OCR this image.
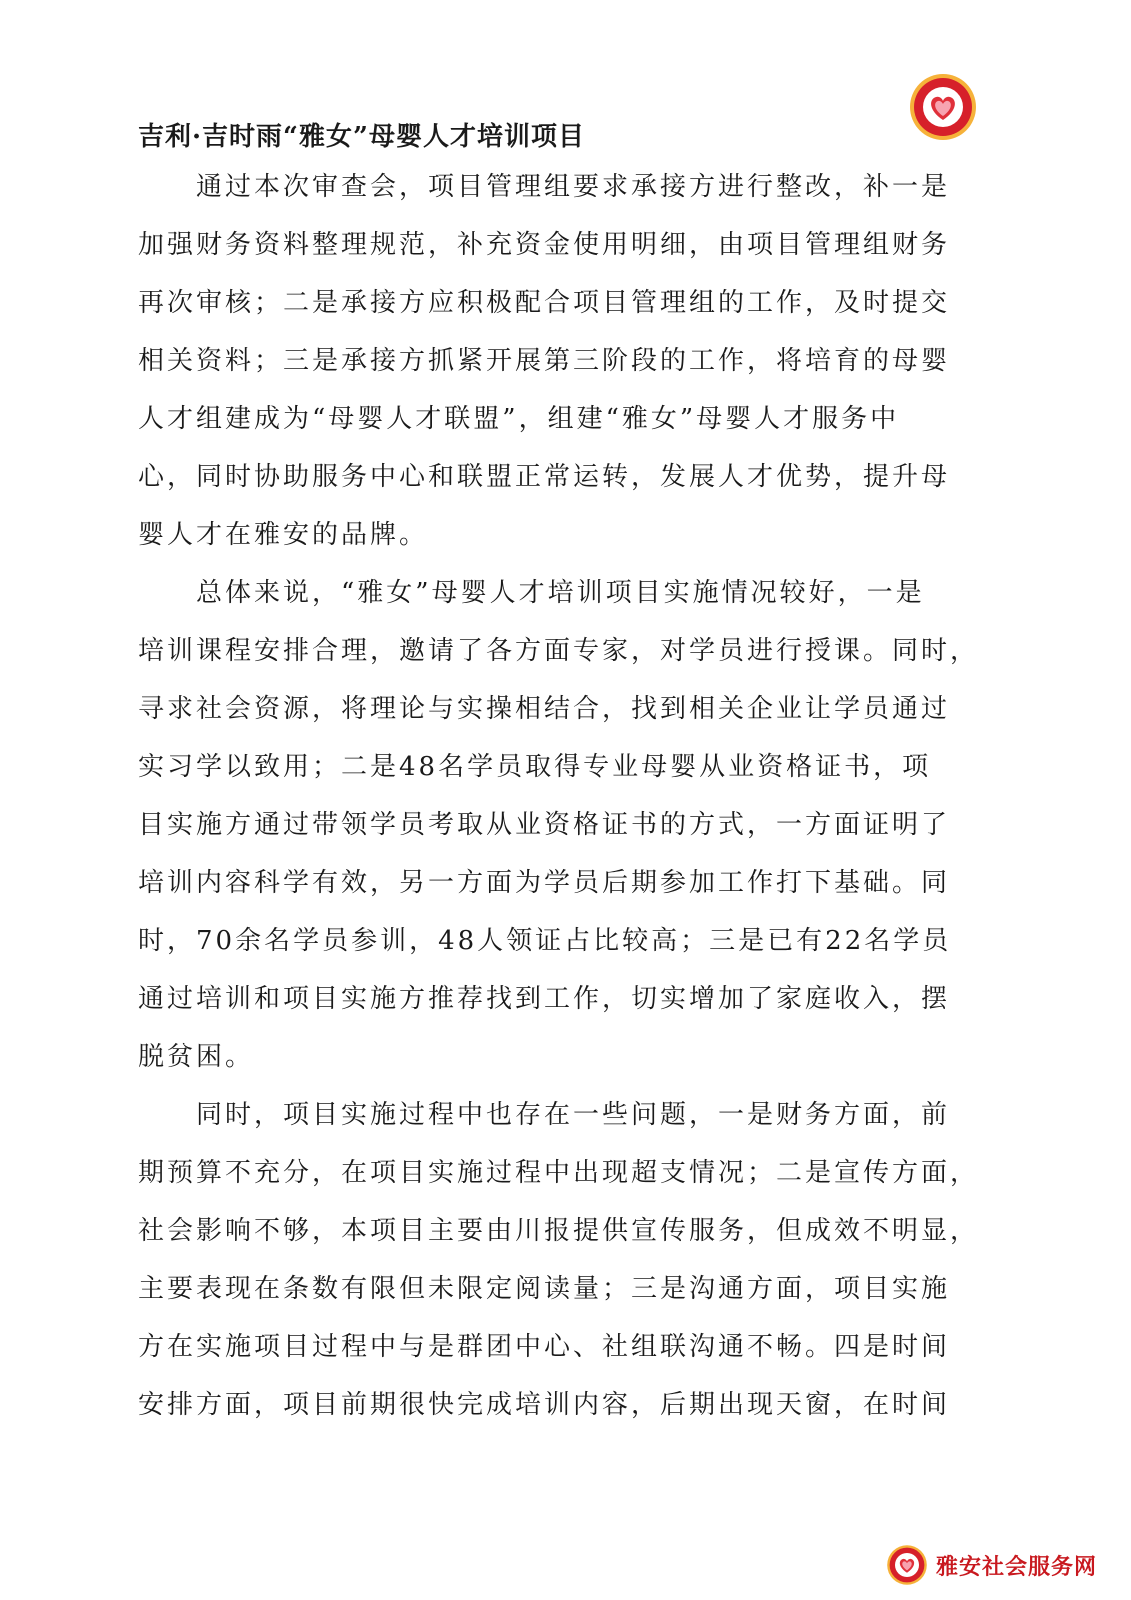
吉利·吉时雨“雅女”母婴人才培训项目

通过本次审查会，项目管理组要求承接方进行整改，补一是

加强财务资料整理规范，补充资金使用明细，由项目管理组财务

再次审核；二是承接方应积极配合项目管理组的工作，及时提交

相关资料；三是承接方抓紧开展第三阶段的工作，将培育的母婴

人才组建成为“母婴人才联盟”，组建“雅女”母婴人才服务中

心，同时协助服务中心和联盟正常运转，发展人才优势，提升母

婴人才在雅安的品牌。

总体来说，“雅女”母婴人才培训项目实施情况较好，一是

培训课程安排合理，邀请了各方面专家，对学员进行授课。同时，

寻求社会资源，将理论与实操相结合，找到相关企业让学员通过

实习学以致用；二是48名学员取得专业母婴从业资格证书，项

目实施方通过带领学员考取从业资格证书的方式，一方面证明了

培训内容科学有效，另一方面为学员后期参加工作打下基础。同

时，70余名学员参训，48人领证占比较高；三是已有22名学员

通过培训和项目实施方推荐找到工作，切实增加了家庭收入，摆

脱贫困。

同时，项目实施过程中也存在一些问题，一是财务方面，前

期预算不充分，在项目实施过程中出现超支情况；二是宣传方面，

社会影响不够，本项目主要由川报提供宣传服务，但成效不明显，

主要表现在条数有限但未限定阅读量；三是沟通方面，项目实施

方在实施项目过程中与是群团中心、社组联沟通不畅。四是时间

安排方面，项目前期很快完成培训内容，后期出现天窗，在时间

雅安社会服务网
